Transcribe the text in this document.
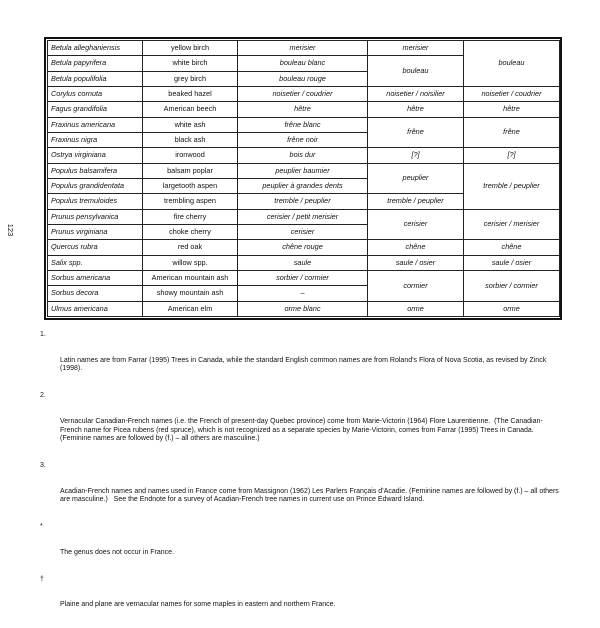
123
Betula alleghaniensis	yellow birch	merisier	merisier	bouleau
Betula papyrifera	white birch	bouleau blanc	bouleau	
Betula populifolia	grey birch	bouleau rouge		
Corylus cornuta	beaked hazel	noisetier / coudrier	noisetier / noisilier	noisetier / coudrier
Fagus grandifolia	American beech	hêtre	hêtre	hêtre
Fraxinus americana	white ash	frêne blanc	frêne	frêne
Fraxinus nigra	black ash	frêne noir		
Ostrya virginiana	ironwood	bois dur	[?]	[?]
Populus balsamifera	balsam poplar	peuplier baumier	peuplier	tremble / peuplier
Populus grandidentata	largetooth aspen	peuplier à grandes dents		
Populus tremuloides	trembling aspen	tremble / peuplier	tremble / peuplier	
Prunus pensylvanica	fire cherry	cerisier / petit merisier	cerisier	cerisier / merisier
Prunus virginiana	choke cherry	cerisier		
Quercus rubra	red oak	chêne rouge	chêne	chêne
Salix spp.	willow spp.	saule	saule / osier	saule / osier
Sorbus americana	American mountain ash	sorbier / cormier	cormier	sorbier / cormier
Sorbus decora	showy mountain ash	–		
Ulmus americana	American elm	orme blanc	orme	orme

1.

Latin names are from Farrar (1995) Trees in Canada, while the standard English common names are from Roland’s Flora of Nova Scotia, as revised by Zinck (1998).

2.

Vernacular Canadian-French names (i.e. the French of present-day Quebec province) come from Marie-Victorin (1964) Flore Laurentienne.  (The Canadian-French name for Picea rubens (red spruce), which is not recognized as a separate species by Marie-Victorin, comes from Farrar (1995) Trees in Canada.   (Feminine names are followed by (f.) – all others are masculine.)

3.

Acadian-French names and names used in France come from Massignon (1962) Les Parlers Français d’Acadie. (Feminine names are followed by (f.) – all others are masculine.)   See the Endnote for a survey of Acadian-French tree names in current use on Prince Edward Island.

*

The genus does not occur in France.

†

Plaine and plane are vernacular names for some maples in eastern and northern France.
